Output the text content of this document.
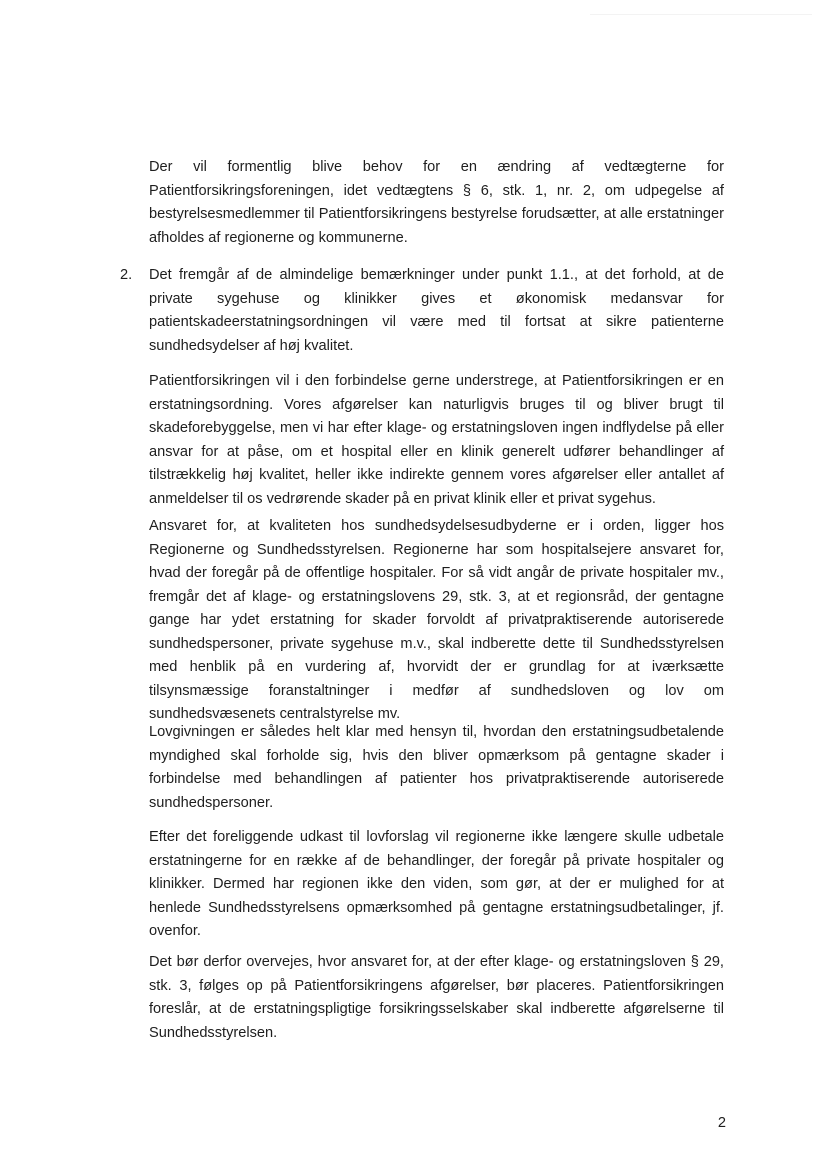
Der vil formentlig blive behov for en ændring af vedtægterne for Patientforsikringsforeningen, idet vedtægtens § 6, stk. 1, nr. 2, om udpegelse af bestyrelsesmedlemmer til Patientforsikringens bestyrelse forudsætter, at alle erstatninger afholdes af regionerne og kommunerne.

2. Det fremgår af de almindelige bemærkninger under punkt 1.1., at det forhold, at de private sygehuse og klinikker gives et økonomisk medansvar for patientskadeerstatningsordningen vil være med til fortsat at sikre patienterne sundhedsydelser af høj kvalitet.

Patientforsikringen vil i den forbindelse gerne understrege, at Patientforsikringen er en erstatningsordning. Vores afgørelser kan naturligvis bruges til og bliver brugt til skadeforebyggelse, men vi har efter klage- og erstatningsloven ingen indflydelse på eller ansvar for at påse, om et hospital eller en klinik generelt udfører behandlinger af tilstrækkelig høj kvalitet, heller ikke indirekte gennem vores afgørelser eller antallet af anmeldelser til os vedrørende skader på en privat klinik eller et privat sygehus.

Ansvaret for, at kvaliteten hos sundhedsydelsesudbyderne er i orden, ligger hos Regionerne og Sundhedsstyrelsen. Regionerne har som hospitalsejere ansvaret for, hvad der foregår på de offentlige hospitaler. For så vidt angår de private hospitaler mv., fremgår det af klage- og erstatningslovens 29, stk. 3, at et regionsråd, der gentagne gange har ydet erstatning for skader forvoldt af privatpraktiserende autoriserede sundhedspersoner, private sygehuse m.v., skal indberette dette til Sundhedsstyrelsen med henblik på en vurdering af, hvorvidt der er grundlag for at iværksætte tilsynsmæssige foranstaltninger i medfør af sundhedsloven og lov om sundhedsvæsenets centralstyrelse mv.

Lovgivningen er således helt klar med hensyn til, hvordan den erstatningsudbetalende myndighed skal forholde sig, hvis den bliver opmærksom på gentagne skader i forbindelse med behandlingen af patienter hos privatpraktiserende autoriserede sundhedspersoner.

Efter det foreliggende udkast til lovforslag vil regionerne ikke længere skulle udbetale erstatningerne for en række af de behandlinger, der foregår på private hospitaler og klinikker. Dermed har regionen ikke den viden, som gør, at der er mulighed for at henlede Sundhedsstyrelsens opmærksomhed på gentagne erstatningsudbetalinger, jf. ovenfor.

Det bør derfor overvejes, hvor ansvaret for, at der efter klage- og erstatningsloven § 29, stk. 3, følges op på Patientforsikringens afgørelser, bør placeres. Patientforsikringen foreslår, at de erstatningspligtige forsikringsselskaber skal indberette afgørelserne til Sundhedsstyrelsen.

2
